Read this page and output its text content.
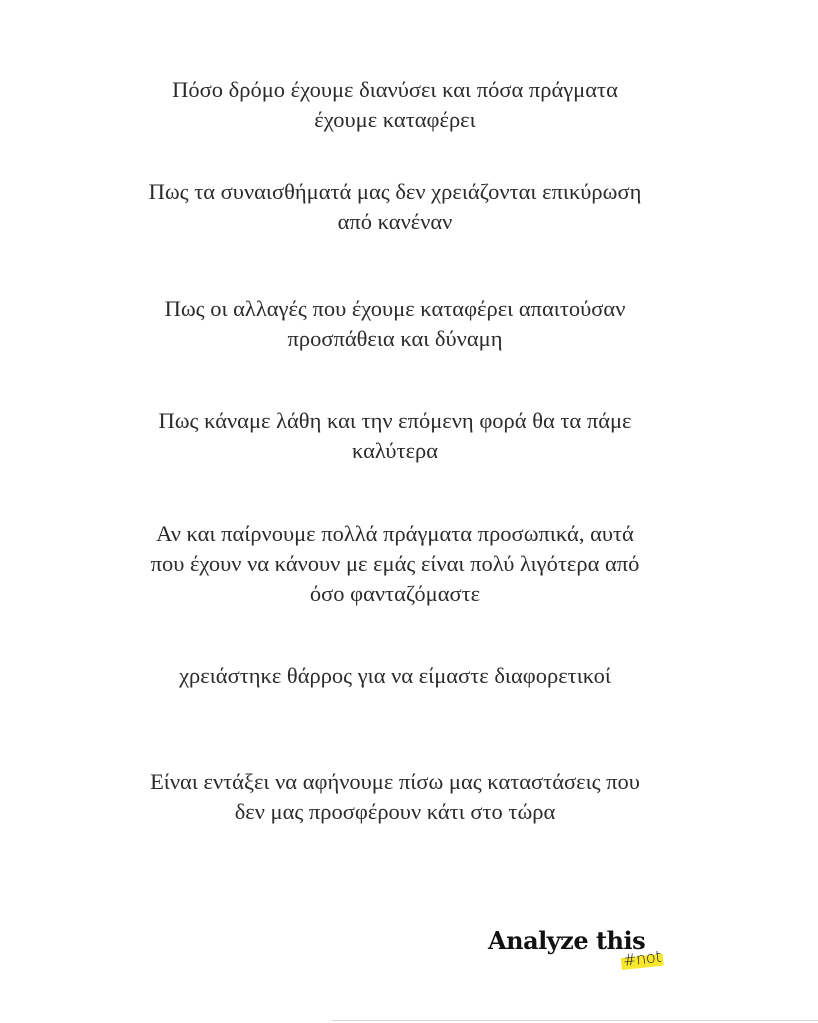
Πόσο δρόμο έχουμε διανύσει και πόσα πράγματα
έχουμε καταφέρει
Πως τα συναισθήματά μας δεν χρειάζονται επικύρωση
από κανέναν
Πως οι αλλαγές που έχουμε καταφέρει απαιτούσαν
προσπάθεια και δύναμη
Πως κάναμε λάθη και την επόμενη φορά θα τα πάμε
καλύτερα
Αν και παίρνουμε πολλά πράγματα προσωπικά, αυτά
που έχουν να κάνουν με εμάς είναι πολύ λιγότερα από
όσο φανταζόμαστε
χρειάστηκε θάρρος για να είμαστε διαφορετικοί
Είναι εντάξει να αφήνουμε πίσω μας καταστάσεις που
δεν μας προσφέρουν κάτι στο τώρα
Analyze this
#not
